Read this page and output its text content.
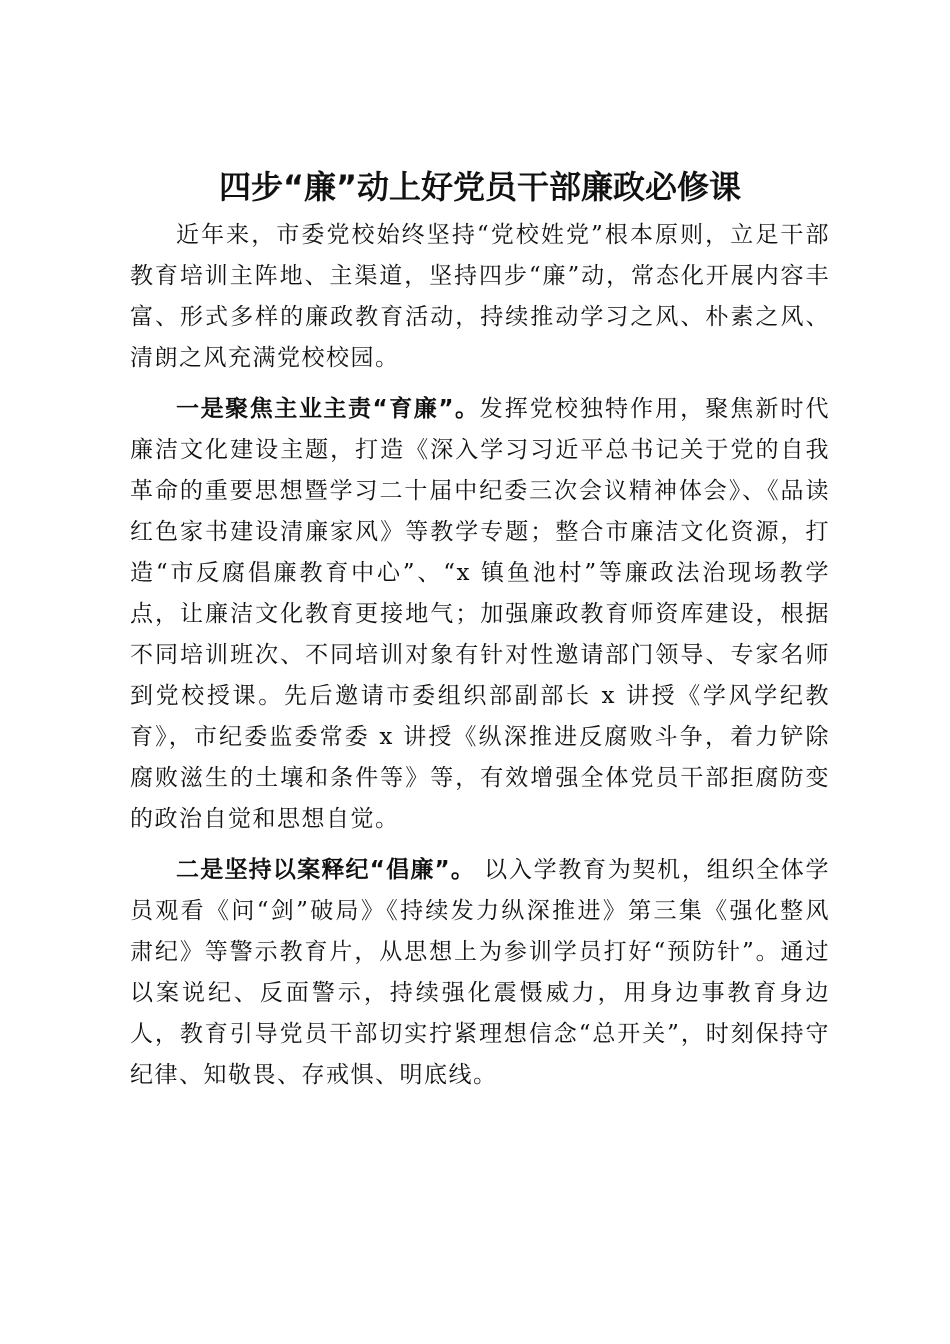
四步“廉”动上好党员干部廉政必修课

近年来，市委党校始终坚持“党校姓党”根本原则，立足干部教育培训主阵地、主渠道，坚持四步“廉”动，常态化开展内容丰富、形式多样的廉政教育活动，持续推动学习之风、朴素之风、清朗之风充满党校校园。

一是聚焦主业主责“育廉”。发挥党校独特作用，聚焦新时代廉洁文化建设主题，打造《深入学习习近平总书记关于党的自我革命的重要思想暨学习二十届中纪委三次会议精神体会》、《品读红色家书建设清廉家风》等教学专题；整合市廉洁文化资源，打造“市反腐倡廉教育中心”、“x 镇鱼池村”等廉政法治现场教学点，让廉洁文化教育更接地气；加强廉政教育师资库建设，根据不同培训班次、不同培训对象有针对性邀请部门领导、专家名师到党校授课。先后邀请市委组织部副部长 x 讲授《学风学纪教育》，市纪委监委常委 x 讲授《纵深推进反腐败斗争，着力铲除腐败滋生的土壤和条件等》等，有效增强全体党员干部拒腐防变的政治自觉和思想自觉。

二是坚持以案释纪“倡廉”。 以入学教育为契机，组织全体学员观看《问“剑”破局》《持续发力纵深推进》第三集《强化整风肃纪》等警示教育片，从思想上为参训学员打好“预防针”。通过以案说纪、反面警示，持续强化震慑威力，用身边事教育身边人，教育引导党员干部切实拧紧理想信念“总开关”，时刻保持守纪律、知敬畏、存戒惧、明底线。
